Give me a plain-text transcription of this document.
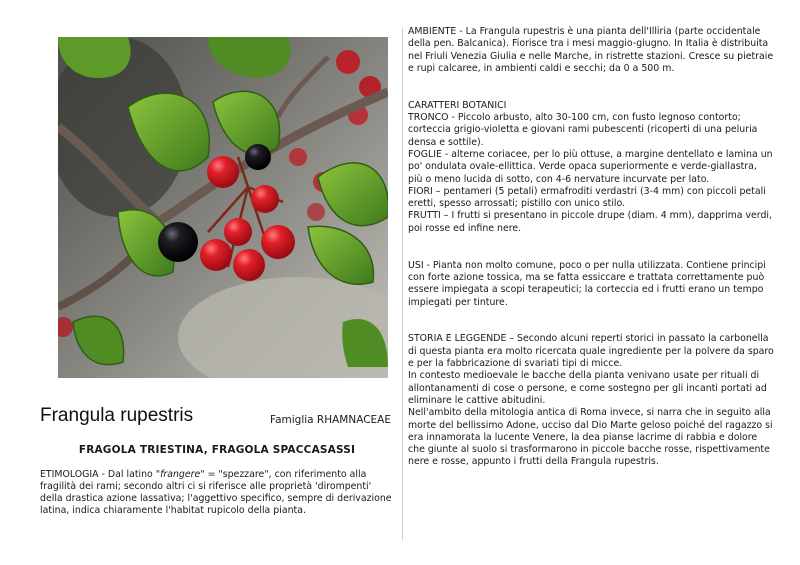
Frangula rupestris	Famiglia RHAMNACEAE
FRAGOLA TRIESTINA, FRAGOLA SPACCASASSI

ETIMOLOGIA - Dal latino "frangere" = "spezzare", con riferimento alla fragilità dei rami; secondo altri ci si riferisce alle proprietà 'dirompenti' della drastica azione lassativa; l'aggettivo specifico, sempre di derivazione latina, indica chiaramente l'habitat rupicolo della pianta.

AMBIENTE - La Frangula rupestris è una pianta dell'Illiria (parte occidentale della pen. Balcanica). Fiorisce tra i mesi maggio-giugno. In Italia è distribuita nel Friuli Venezia Giulia e nelle Marche, in ristrette stazioni. Cresce su pietraie e rupi calcaree, in ambienti caldi e secchi; da 0 a 500 m.

CARATTERI BOTANICI

TRONCO - Piccolo arbusto, alto 30-100 cm, con fusto legnoso contorto; corteccia grigio-violetta e giovani rami pubescenti (ricoperti di una peluria densa e sottile).

FOGLIE - alterne coriacee, per lo più ottuse, a margine dentellato e lamina un po' ondulata ovale-ellittica. Verde opaca superiormente e verde-giallastra, più o meno lucida di sotto, con 4-6 nervature incurvate per lato.

FIORI – pentameri (5 petali) ermafroditi verdastri (3-4 mm) con piccoli petali eretti, spesso arrossati; pistillo con unico stilo.

FRUTTI – I frutti si presentano in piccole drupe (diam. 4 mm), dapprima verdi, poi rosse ed infine nere.

USI - Pianta non molto comune, poco o per nulla utilizzata. Contiene principi con forte azione tossica, ma se fatta essiccare e trattata correttamente può essere impiegata a scopi terapeutici; la corteccia ed i frutti erano un tempo impiegati per tinture.

STORIA E LEGGENDE – Secondo alcuni reperti storici in passato la carbonella di questa pianta era molto ricercata quale ingrediente per la polvere da sparo e per la fabbricazione di svariati tipi di micce.

In contesto medioevale le bacche della pianta venivano usate per rituali di allontanamenti di cose o persone, e come sostegno per gli incanti portati ad eliminare le cattive abitudini.

Nell'ambito della mitologia antica di Roma invece, si narra che in seguito alla morte del bellissimo Adone, ucciso dal Dio Marte geloso poiché del ragazzo si era innamorata la lucente Venere, la dea pianse lacrime di rabbia e dolore che giunte al suolo si trasformarono in piccole bacche rosse, rispettivamente nere e rosse, appunto i frutti della Frangula rupestris.
